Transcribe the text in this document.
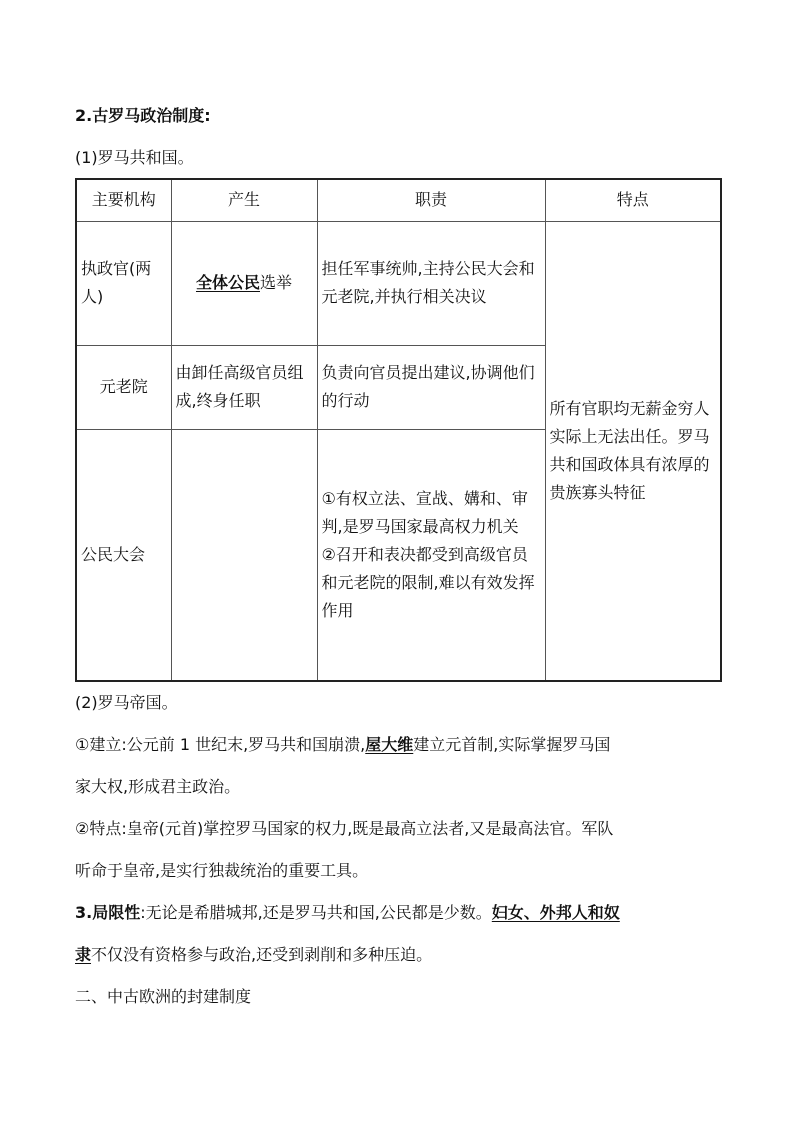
2.古罗马政治制度:
(1)罗马共和国。
主要机构	产生	职责	特点
执政官(两人)	全体公民选举	担任军事统帅,主持公民大会和元老院,并执行相关决议	所有官职均无薪金穷人实际上无法出任。罗马共和国政体具有浓厚的贵族寡头特征
元老院	由卸任高级官员组成,终身任职	负责向官员提出建议,协调他们的行动	
公民大会		①有权立法、宣战、媾和、审判,是罗马国家最高权力机关
②召开和表决都受到高级官员和元老院的限制,难以有效发挥作用	
(2)罗马帝国。
①建立:公元前 1 世纪末,罗马共和国崩溃,屋大维建立元首制,实际掌握罗马国
家大权,形成君主政治。
②特点:皇帝(元首)掌控罗马国家的权力,既是最高立法者,又是最高法官。军队
听命于皇帝,是实行独裁统治的重要工具。
3.局限性:无论是希腊城邦,还是罗马共和国,公民都是少数。妇女、外邦人和奴
隶不仅没有资格参与政治,还受到剥削和多种压迫。
二、中古欧洲的封建制度
